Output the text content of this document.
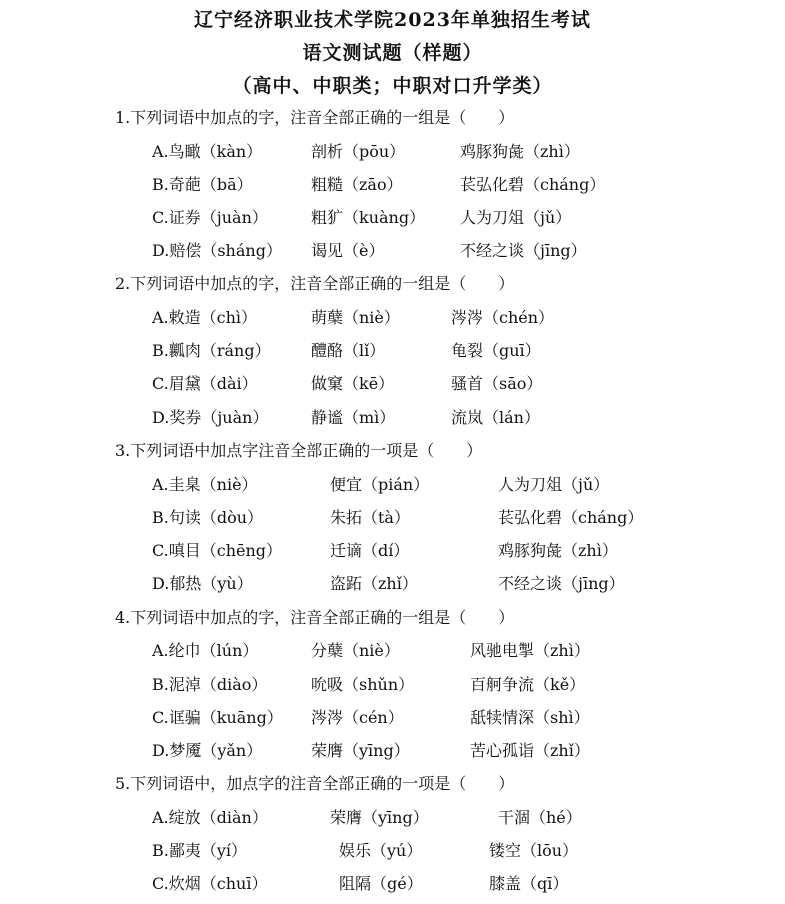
辽宁经济职业技术学院2023年单独招生考试
语文测试题（样题）
（高中、中职类；中职对口升学类）
1.下列词语中加点的字，注音全部正确的一组是（　　）
A.鸟瞰（kàn）	剖析（pōu）	鸡豚狗彘（zhì）
B.奇葩（bā）	粗糙（zāo）	苌弘化碧（cháng）
C.证券（juàn）	粗犷（kuàng） 人为刀俎（jǔ）
D.赔偿（sháng） 谒见（è）	不经之谈（jīng）
2.下列词语中加点的字，注音全部正确的一组是（　　）
A.敕造（chì）	萌蘖（niè）	涔涔（chén）
B.瓤肉（ráng）	醴酪（lǐ）	龟裂（guī）
C.眉黛（dài）	做窠（kē）	骚首（sāo）
D.奖券（juàn）	静谧（mì）	流岚（lán）
3.下列词语中加点字注音全部正确的一项是（　　）
A.圭臬（niè）	便宜（pián）	人为刀俎（jǔ）
B.句读（dòu）	朱拓（tà）	苌弘化碧（cháng）
C.嗔目（chēng）	迁谪（dí）	鸡豚狗彘（zhì）
D.郁热（yù）	盗跖（zhǐ）	不经之谈（jīng）
4.下列词语中加点的字，注音全部正确的一组是（　　）
A.纶巾（lún）	分蘖（niè）	风驰电掣（zhì）
B.泥淖（diào）	吮吸（shǔn）	百舸争流（kě）
C.诓骗（kuāng） 涔涔（cén）	舐犊情深（shì）
D.梦魇（yǎn）	荣膺（yīng）	苦心孤诣（zhǐ）
5.下列词语中，加点字的注音全部正确的一项是（　　）
A.绽放（diàn）	荣膺（yīng）	干涸（hé）
B.鄙夷（yí）	娱乐（yú）	镂空（lōu）
C.炊烟（chuī）	阻隔（gé）	膝盖（qī）
